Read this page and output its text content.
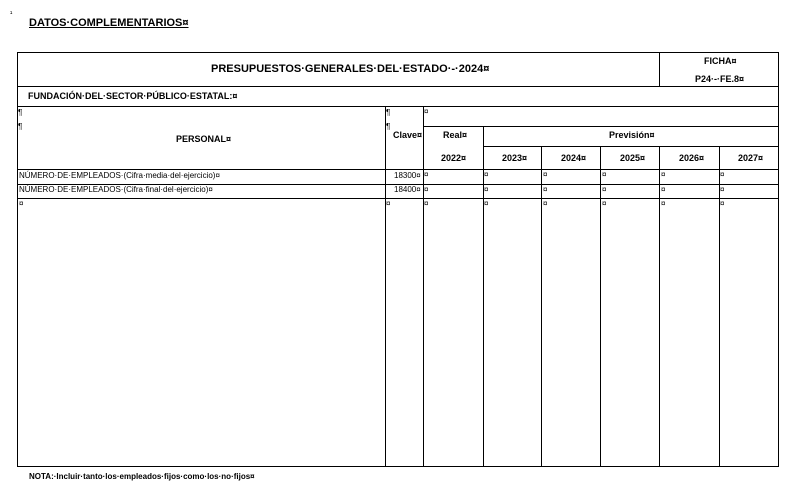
¹
DATOS·COMPLEMENTARIOS¤
PRESUPUESTOS·GENERALES·DEL·ESTADO·-·2024¤
FICHA¤
P24·-·FE.8¤
FUNDACIÓN·DEL·SECTOR·PÚBLICO·ESTATAL:¤
¶
¶
¶
¶
¤
PERSONAL¤	Clave¤ Real¤	Previsión¤
2022¤	2023¤	2024¤	2025¤	2026¤	2027¤
NÚMERO·DE·EMPLEADOS·(Cifra·media·del·ejercicio)¤	18300¤ ¤	¤	¤	¤	¤	¤
NÚMERO·DE·EMPLEADOS·(Cifra·final·del·ejercicio)¤	18400¤ ¤	¤	¤	¤	¤	¤
¤	¤	¤	¤	¤	¤	¤	¤
NOTA:·Incluir·tanto·los·empleados·fijos·como·los·no·fijos¤
